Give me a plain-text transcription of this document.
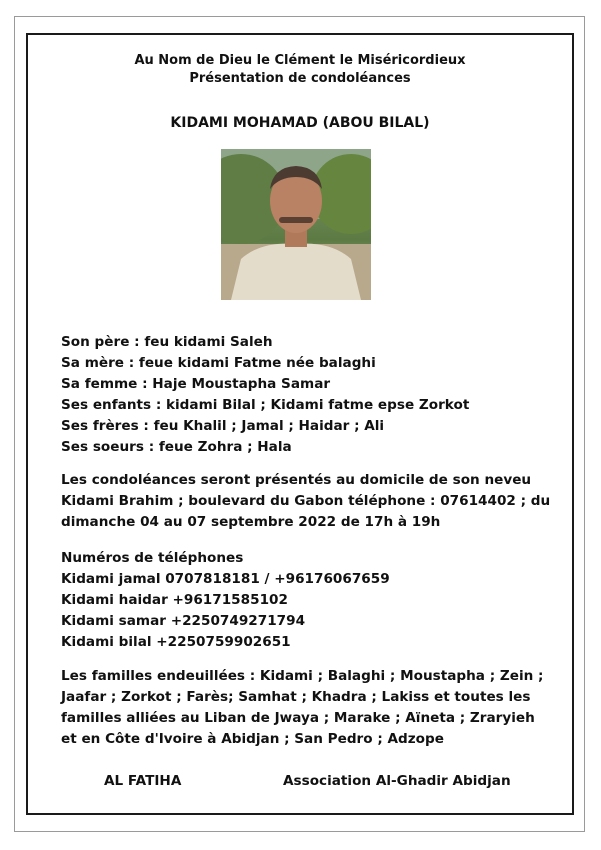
Au Nom de Dieu le Clément le Miséricordieux
Présentation de condoléances
KIDAMI MOHAMAD (ABOU BILAL)
Son père : feu kidami Saleh
Sa mère : feue kidami Fatme née balaghi
Sa femme : Haje Moustapha Samar
Ses enfants : kidami Bilal ; Kidami fatme epse Zorkot
Ses frères : feu Khalil ; Jamal ; Haidar ; Ali
Ses soeurs : feue Zohra ; Hala
Les condoléances seront présentés au domicile de son neveu
Kidami Brahim ; boulevard du Gabon téléphone : 07614402 ; du
dimanche 04 au 07 septembre 2022 de 17h à 19h
Numéros de téléphones
Kidami jamal 0707818181 / +96176067659
Kidami haidar +96171585102
Kidami samar +2250749271794
Kidami bilal +2250759902651
Les familles endeuillées : Kidami ; Balaghi ; Moustapha ; Zein ;
Jaafar ; Zorkot ; Farès; Samhat ; Khadra ; Lakiss et toutes les
familles alliées au Liban de Jwaya ; Marake ; Aïneta ; Zraryieh
et en Côte d'Ivoire à Abidjan ; San Pedro ; Adzope
AL FATIHA	Association Al-Ghadir Abidjan
